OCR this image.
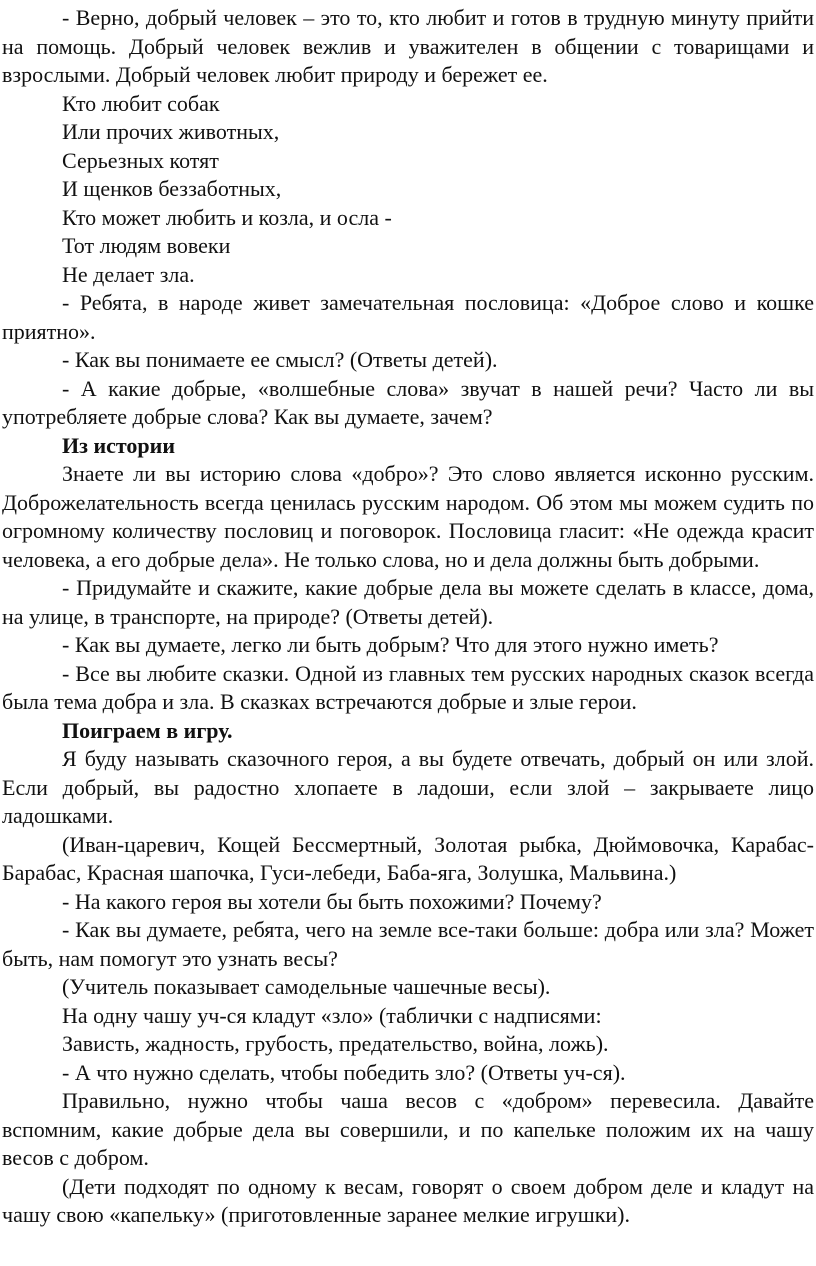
- Верно, добрый человек – это то, кто любит и готов в трудную минуту прийти на помощь. Добрый человек вежлив и уважителен в общении с товарищами и взрослыми. Добрый человек любит природу и бережет ее.

Кто любит собак

Или прочих животных,

Серьезных котят

И щенков беззаботных,

Кто может любить и козла, и осла -

Тот людям вовеки

Не делает зла.

- Ребята, в народе живет замечательная пословица: «Доброе слово и кошке приятно».

- Как вы понимаете ее смысл? (Ответы детей).

- А какие добрые, «волшебные слова» звучат в нашей речи? Часто ли вы употребляете добрые слова? Как вы думаете, зачем?

Из истории

Знаете ли вы историю слова «добро»? Это слово является исконно русским. Доброжелательность всегда ценилась русским народом. Об этом мы можем судить по огромному количеству пословиц и поговорок. Пословица гласит: «Не одежда красит человека, а его добрые дела». Не только слова, но и дела должны быть добрыми.

- Придумайте и скажите, какие добрые дела вы можете сделать в классе, дома, на улице, в транспорте, на природе? (Ответы детей).

- Как вы думаете, легко ли быть добрым? Что для этого нужно иметь?

- Все вы любите сказки. Одной из главных тем русских народных сказок всегда была тема добра и зла. В сказках встречаются добрые и злые герои.

Поиграем в игру.

Я буду называть сказочного героя, а вы будете отвечать, добрый он или злой. Если добрый, вы радостно хлопаете в ладоши, если злой – закрываете лицо ладошками.

(Иван-царевич, Кощей Бессмертный, Золотая рыбка, Дюймовочка, Карабас-Барабас, Красная шапочка, Гуси-лебеди, Баба-яга, Золушка, Мальвина.)

- На какого героя вы хотели бы быть похожими? Почему?

- Как вы думаете, ребята, чего на земле все-таки больше: добра или зла? Может быть, нам помогут это узнать весы?

(Учитель показывает самодельные чашечные весы).

На одну чашу уч-ся кладут «зло» (таблички с надписями:

Зависть, жадность, грубость, предательство, война, ложь).

- А что нужно сделать, чтобы победить зло? (Ответы уч-ся).

Правильно, нужно чтобы чаша весов с «добром» перевесила. Давайте вспомним, какие добрые дела вы совершили, и по капельке положим их на чашу весов с добром.

(Дети подходят по одному к весам, говорят о своем добром деле и кладут на чашу свою «капельку» (приготовленные заранее мелкие игрушки).
